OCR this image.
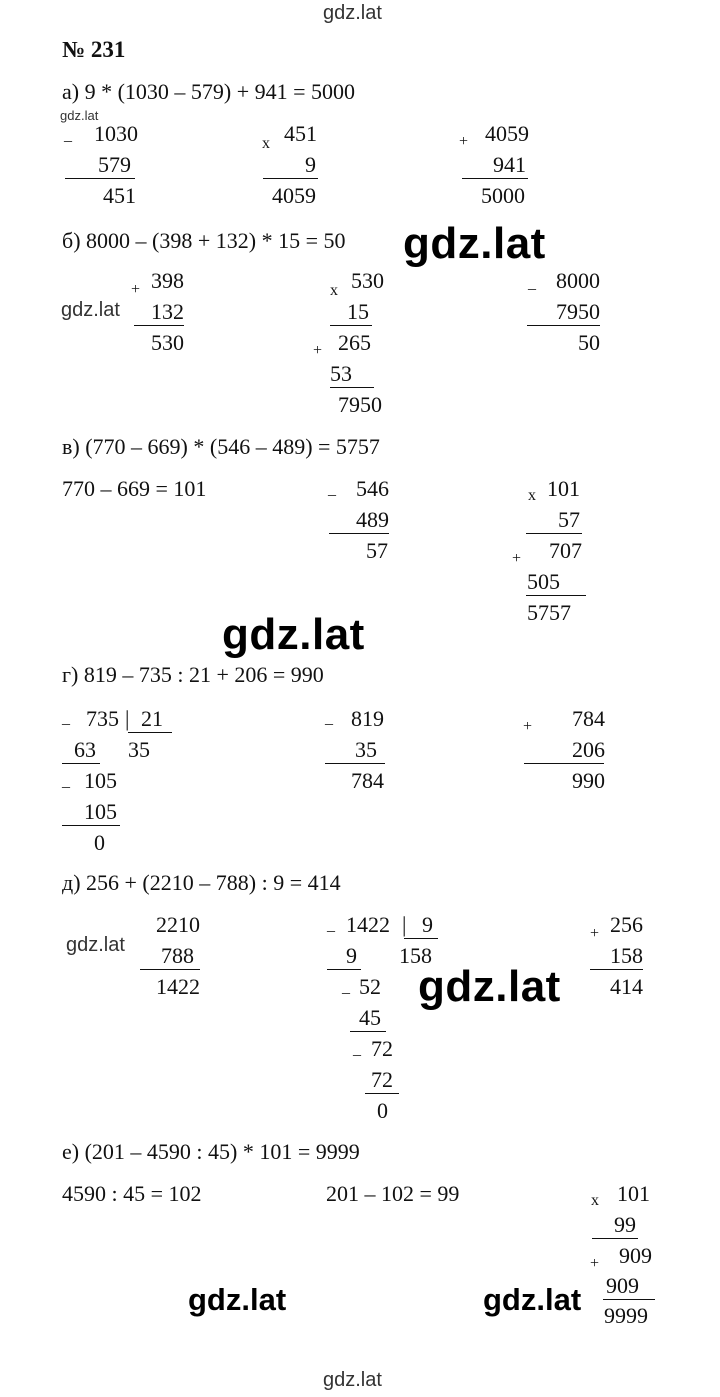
gdz.lat
gdz.lat
gdz.lat
gdz.lat
gdz.lat
gdz.lat
gdz.lat
gdz.lat	gdz.lat
gdz.lat
№ 231
а) 9 * (1030 – 579) + 941 = 5000
_	1030
579
451
x 451
9
4059
+ 4059
941
5000
б) 8000 – (398 + 132) * 15 = 50
+ 398
132
530
x 530
15
+ 265
53
7950
_ 8000
7950
50
в) (770 – 669) * (546 – 489) = 5757
770 – 669 = 101	_ 546
489
57
x 101
57
+	707
505
5757
г) 819 – 735 : 21 + 206 = 990
_ 735 | 21
63 35
_ 105
105
0
_ 819
35
784
+	784
206
990
д) 256 + (2210 – 788) : 9 = 414
2210
788
1422
_ 1422 | 9
158
9
_ 52
45
_ 72
72
0
+ 256
158
414
е) (201 – 4590 : 45) * 101 = 9999
4590 : 45 = 102	201 – 102 = 99	x 101
99
+ 909
909
9999
